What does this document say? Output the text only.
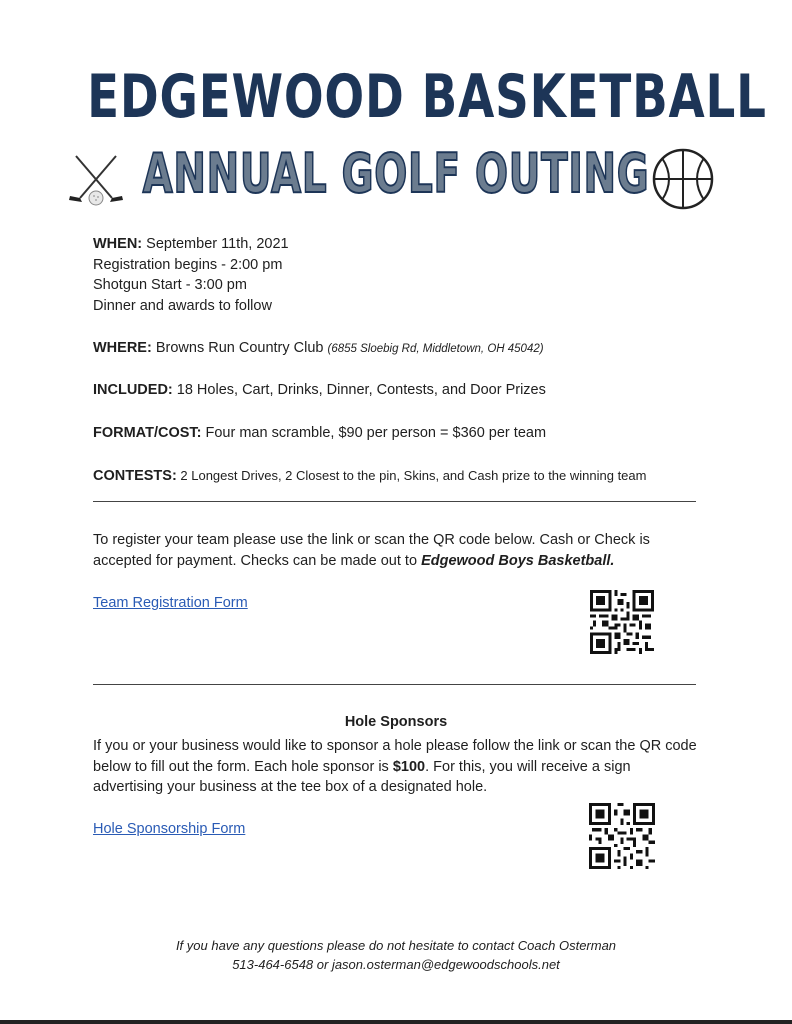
EDGEWOOD BASKETBALL
ANNUAL GOLF OUTING
WHEN: September 11th, 2021
Registration begins - 2:00 pm
Shotgun Start - 3:00 pm
Dinner and awards to follow
WHERE: Browns Run Country Club (6855 Sloebig Rd, Middletown, OH 45042)
INCLUDED: 18 Holes, Cart, Drinks, Dinner, Contests, and Door Prizes
FORMAT/COST: Four man scramble, $90 per person = $360 per team
CONTESTS: 2 Longest Drives, 2 Closest to the pin, Skins, and Cash prize to the winning team
To register your team please use the link or scan the QR code below. Cash or Check is accepted for payment. Checks can be made out to Edgewood Boys Basketball.
Team Registration Form
Hole Sponsors
If you or your business would like to sponsor a hole please follow the link or scan the QR code below to fill out the form. Each hole sponsor is $100. For this, you will receive a sign advertising your business at the tee box of a designated hole.
Hole Sponsorship Form
If you have any questions please do not hesitate to contact Coach Osterman
513-464-6548 or jason.osterman@edgewoodschools.net
